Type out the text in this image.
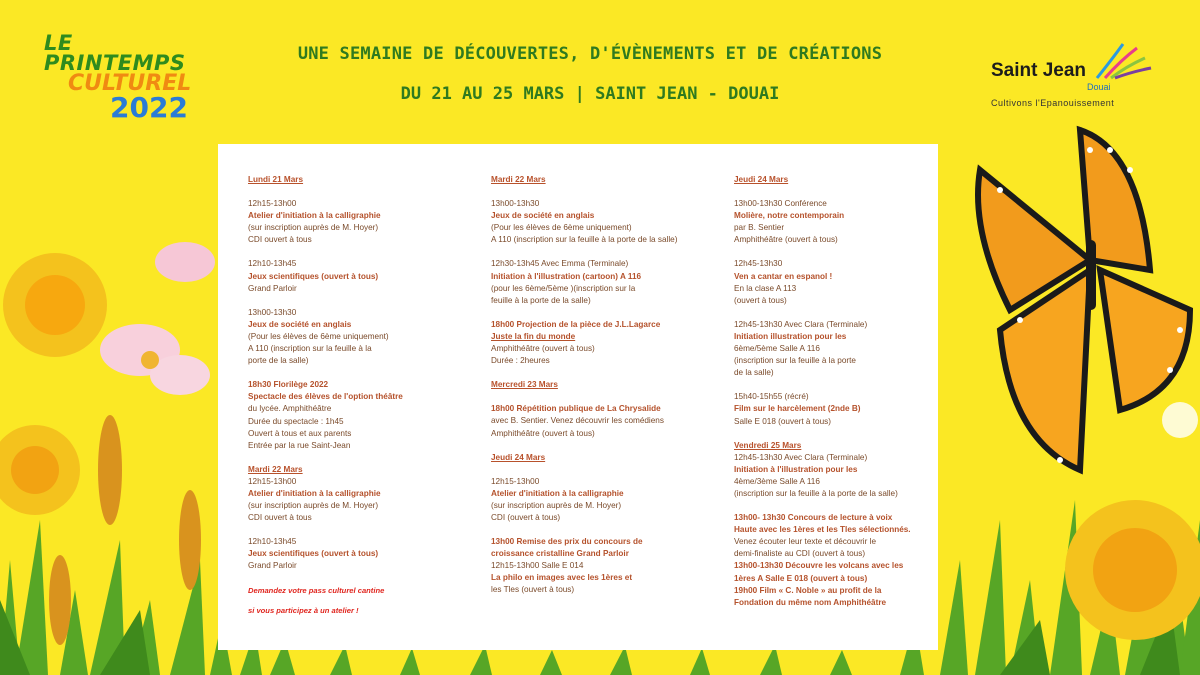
LE PRINTEMPS
CULTUREL
2022
UNE SEMAINE DE DÉCOUVERTES, D'ÉVÈNEMENTS ET DE CRÉATIONS
DU 21 AU 25 MARS | SAINT JEAN - DOUAI
Saint Jean
Douai
Cultivons l'Epanouissement
Lundi 21 Mars

12h15-13h00

Atelier d'initiation à la calligraphie

(sur inscription auprès de M. Hoyer)

CDI ouvert à tous

12h10-13h45

Jeux scientifiques (ouvert à tous)

Grand Parloir

13h00-13h30

Jeux de société en anglais

(Pour les élèves de 6ème uniquement)

A 110 (inscription sur la feuille à la

porte de la salle)

18h30 Florilège 2022

Spectacle des élèves de l'option théâtre

du lycée. Amphithéâtre

Durée du spectacle : 1h45

Ouvert à tous et aux parents

Entrée par la rue Saint-Jean

Mardi 22 Mars

12h15-13h00

Atelier d'initiation à la calligraphie

(sur inscription auprès de M. Hoyer)

CDI ouvert à tous

12h10-13h45

Jeux scientifiques (ouvert à tous)

Grand Parloir

Demandez votre pass culturel cantine

si vous participez à un atelier !

Mardi 22 Mars

13h00-13h30

Jeux de société en anglais

(Pour les élèves de 6ème uniquement)

A 110 (inscription sur la feuille à la porte de la salle)

12h30-13h45 Avec Emma (Terminale)

Initiation à l'illustration (cartoon) A 116

(pour les 6ème/5ème )(inscription sur la

feuille à la porte de la salle)

18h00 Projection de la pièce de J.L.Lagarce

Juste la fin du monde

Amphithéâtre (ouvert à tous)

Durée : 2heures

Mercredi 23 Mars

18h00 Répétition publique de La Chrysalide

avec B. Sentier. Venez découvrir les comédiens

Amphithéâtre (ouvert à tous)

Jeudi 24 Mars

12h15-13h00

Atelier d'initiation à la calligraphie

(sur inscription auprès de M. Hoyer)

CDI (ouvert à tous)

13h00 Remise des prix du concours de

croissance cristalline Grand Parloir

12h15-13h00 Salle E 014

La philo en images avec les 1ères et

les Tles (ouvert à tous)

Jeudi 24 Mars

13h00-13h30 Conférence

Molière, notre contemporain

par B. Sentier

Amphithéâtre (ouvert à tous)

12h45-13h30

Ven a cantar en espanol !

En la clase A 113

(ouvert à tous)

12h45-13h30 Avec Clara (Terminale)

Initiation illustration pour les

6ème/5ème Salle A 116

(inscription sur la feuille à la porte

de la salle)

15h40-15h55 (récré)

Film sur le harcèlement (2nde B)

Salle E 018 (ouvert à tous)

Vendredi 25 Mars

12h45-13h30 Avec Clara (Terminale)

Initiation à l'illustration pour les

4ème/3ème Salle A 116

(inscription sur la feuille à la porte de la salle)

13h00- 13h30 Concours de lecture à voix

Haute avec les 1ères et les Tles sélectionnés.

Venez écouter leur texte et découvrir le

demi-finaliste au CDI (ouvert à tous)

13h00-13h30 Découvre les volcans avec les

1ères A Salle E 018 (ouvert à tous)

19h00 Film « C. Noble » au profit de la

Fondation du même nom Amphithéâtre
